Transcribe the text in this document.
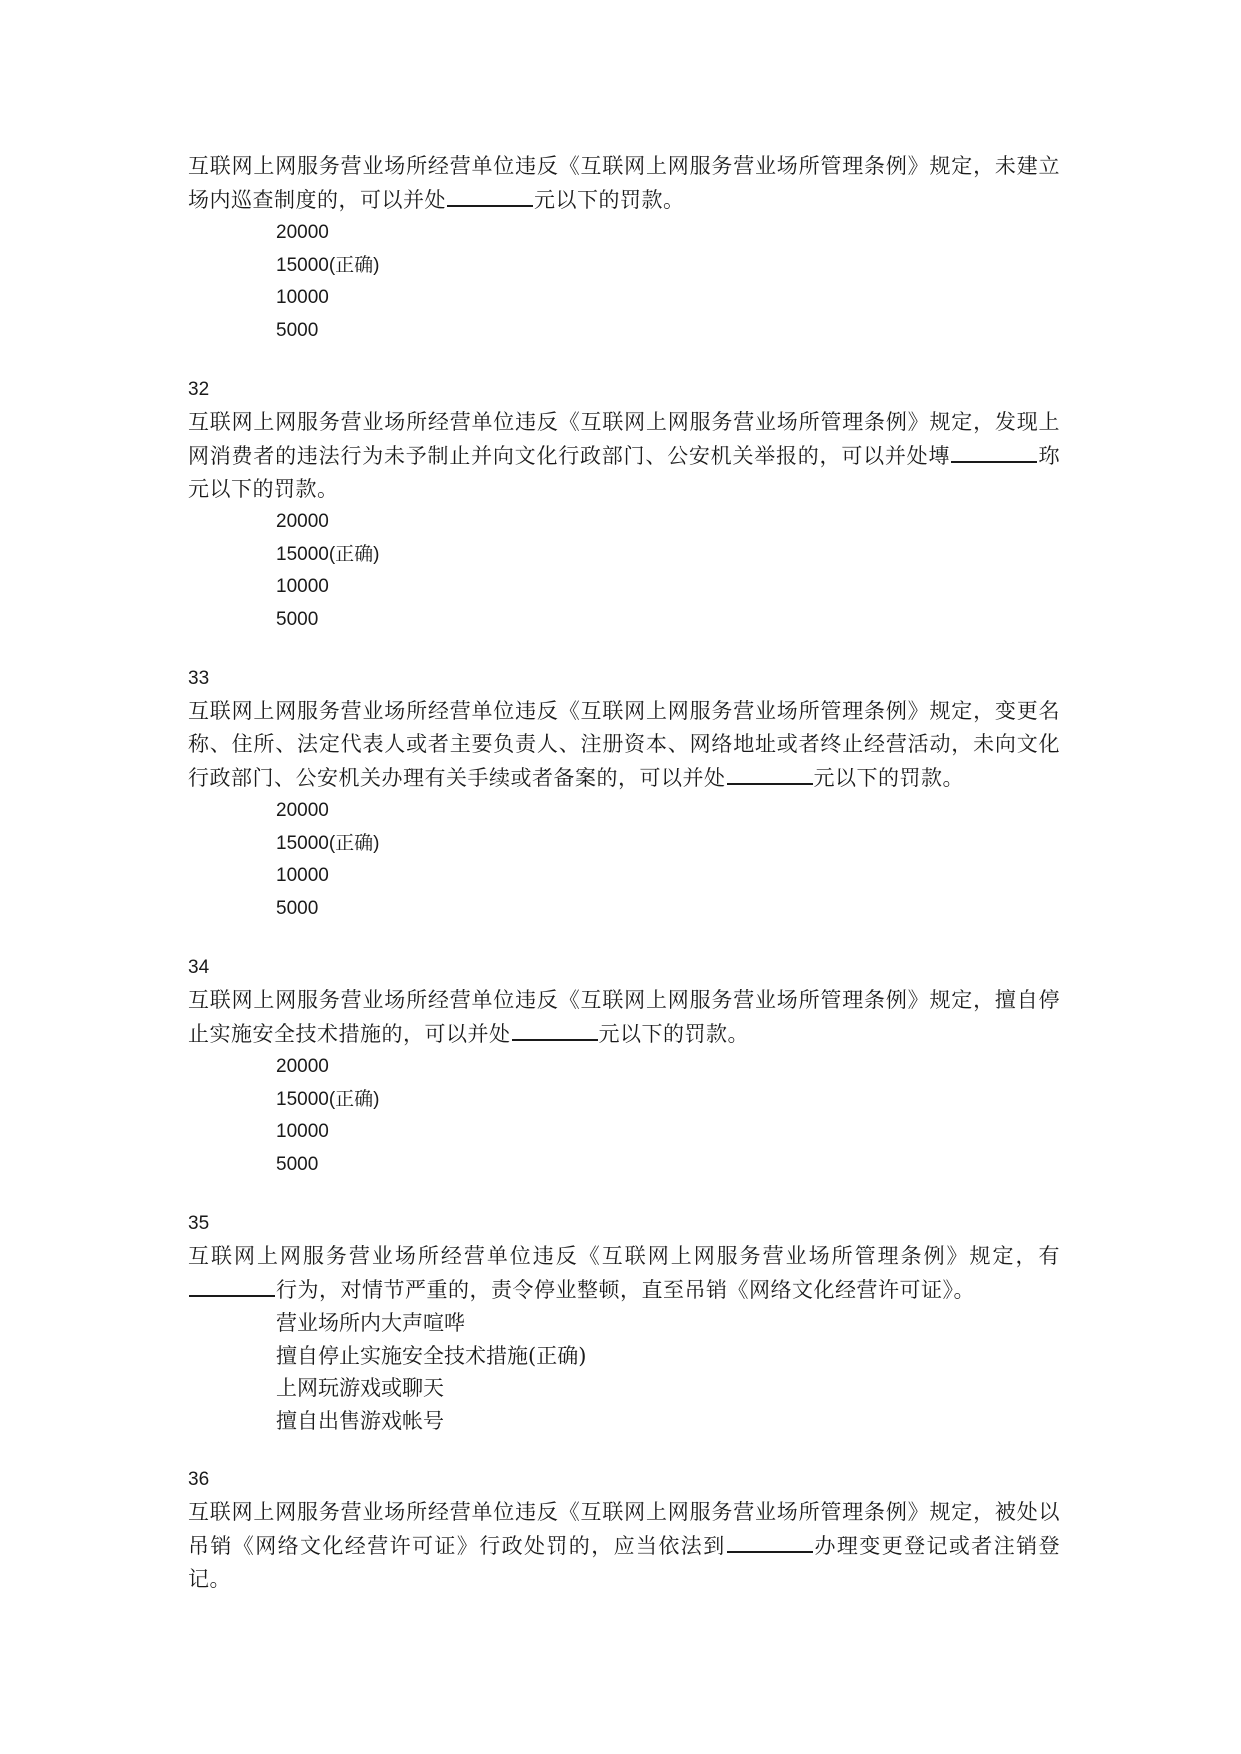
互联网上网服务营业场所经营单位违反《互联网上网服务营业场所管理条例》规定，未建立场内巡查制度的，可以并处	元以下的罚款。
20000
15000(正确)
10000
5000
32
互联网上网服务营业场所经营单位违反《互联网上网服务营业场所管理条例》规定，发现上网消费者的违法行为未予制止并向文化行政部门、公安机关举报的，可以并处塼	珎元以下的罚款。
20000
15000(正确)
10000
5000
33
互联网上网服务营业场所经营单位违反《互联网上网服务营业场所管理条例》规定，变更名称、住所、法定代表人或者主要负责人、注册资本、网络地址或者终止经营活动，未向文化行政部门、公安机关办理有关手续或者备案的，可以并处	元以下的罚款。
20000
15000(正确)
10000
5000
34
互联网上网服务营业场所经营单位违反《互联网上网服务营业场所管理条例》规定，擅自停止实施安全技术措施的，可以并处	元以下的罚款。
20000
15000(正确)
10000
5000
35
互联网上网服务营业场所经营单位违反《互联网上网服务营业场所管理条例》规定，有行为，对情节严重的，责令停业整顿，直至吊销《网络文化经营许可证》。
营业场所内大声喧哗
擅自停止实施安全技术措施(正确)
上网玩游戏或聊天
擅自出售游戏帐号
36
互联网上网服务营业场所经营单位违反《互联网上网服务营业场所管理条例》规定，被处以吊销《网络文化经营许可证》行政处罚的，应当依法到	办理变更登记或者注销登记。
